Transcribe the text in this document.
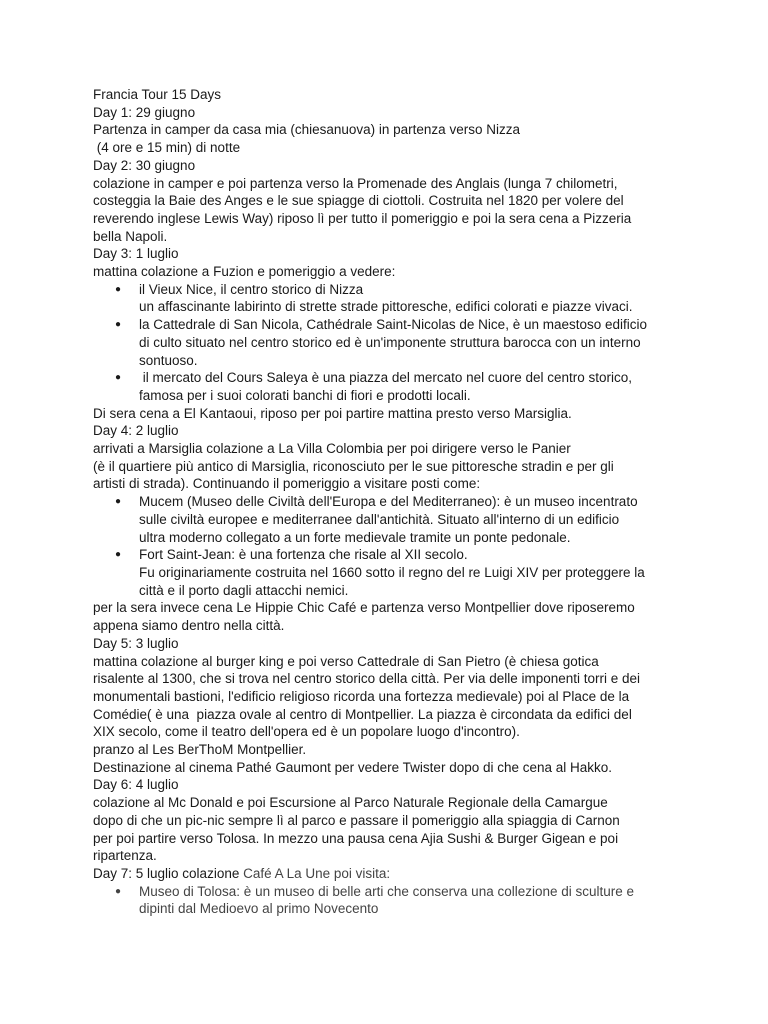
Francia Tour 15 Days
Day 1: 29 giugno
Partenza in camper da casa mia (chiesanuova) in partenza verso Nizza
(4 ore e 15 min) di notte
Day 2: 30 giugno
colazione in camper e poi partenza verso la Promenade des Anglais (lunga 7 chilometri,
costeggia la Baie des Anges e le sue spiagge di ciottoli. Costruita nel 1820 per volere del
reverendo inglese Lewis Way) riposo lì per tutto il pomeriggio e poi la sera cena a Pizzeria
bella Napoli.
Day 3: 1 luglio
mattina colazione a Fuzion e pomeriggio a vedere:
● il Vieux Nice, il centro storico di Nizza
un affascinante labirinto di strette strade pittoresche, edifici colorati e piazze vivaci.
● la Cattedrale di San Nicola, Cathédrale Saint-Nicolas de Nice, è un maestoso edificio
di culto situato nel centro storico ed è un'imponente struttura barocca con un interno
sontuoso.
● il mercato del Cours Saleya è una piazza del mercato nel cuore del centro storico,
famosa per i suoi colorati banchi di fiori e prodotti locali.
Di sera cena a El Kantaoui, riposo per poi partire mattina presto verso Marsiglia.
Day 4: 2 luglio
arrivati a Marsiglia colazione a La Villa Colombia per poi dirigere verso le Panier
(è il quartiere più antico di Marsiglia, riconosciuto per le sue pittoresche stradin e per gli
artisti di strada). Continuando il pomeriggio a visitare posti come:
● Mucem (Museo delle Civiltà dell'Europa e del Mediterraneo): è un museo incentrato
sulle civiltà europee e mediterranee dall'antichità. Situato all'interno di un edificio
ultra moderno collegato a un forte medievale tramite un ponte pedonale.
● Fort Saint-Jean: è una fortenza che risale al XII secolo.
Fu originariamente costruita nel 1660 sotto il regno del re Luigi XIV per proteggere la
città e il porto dagli attacchi nemici.
per la sera invece cena Le Hippie Chic Café e partenza verso Montpellier dove riposeremo
appena siamo dentro nella città.
Day 5: 3 luglio
mattina colazione al burger king e poi verso Cattedrale di San Pietro (è chiesa gotica
risalente al 1300, che si trova nel centro storico della città. Per via delle imponenti torri e dei
monumentali bastioni, l'edificio religioso ricorda una fortezza medievale) poi al Place de la
Comédie( è una  piazza ovale al centro di Montpellier. La piazza è circondata da edifici del
XIX secolo, come il teatro dell'opera ed è un popolare luogo d'incontro).
pranzo al Les BerThoM Montpellier.
Destinazione al cinema Pathé Gaumont per vedere Twister dopo di che cena al Hakko.
Day 6: 4 luglio
colazione al Mc Donald e poi Escursione al Parco Naturale Regionale della Camargue
dopo di che un pic-nic sempre lì al parco e passare il pomeriggio alla spiaggia di Carnon
per poi partire verso Tolosa. In mezzo una pausa cena Ajia Sushi & Burger Gigean e poi
ripartenza.
Day 7: 5 luglio colazione Café A La Une poi visita:
● Museo di Tolosa: è un museo di belle arti che conserva una collezione di sculture e
dipinti dal Medioevo al primo Novecento
